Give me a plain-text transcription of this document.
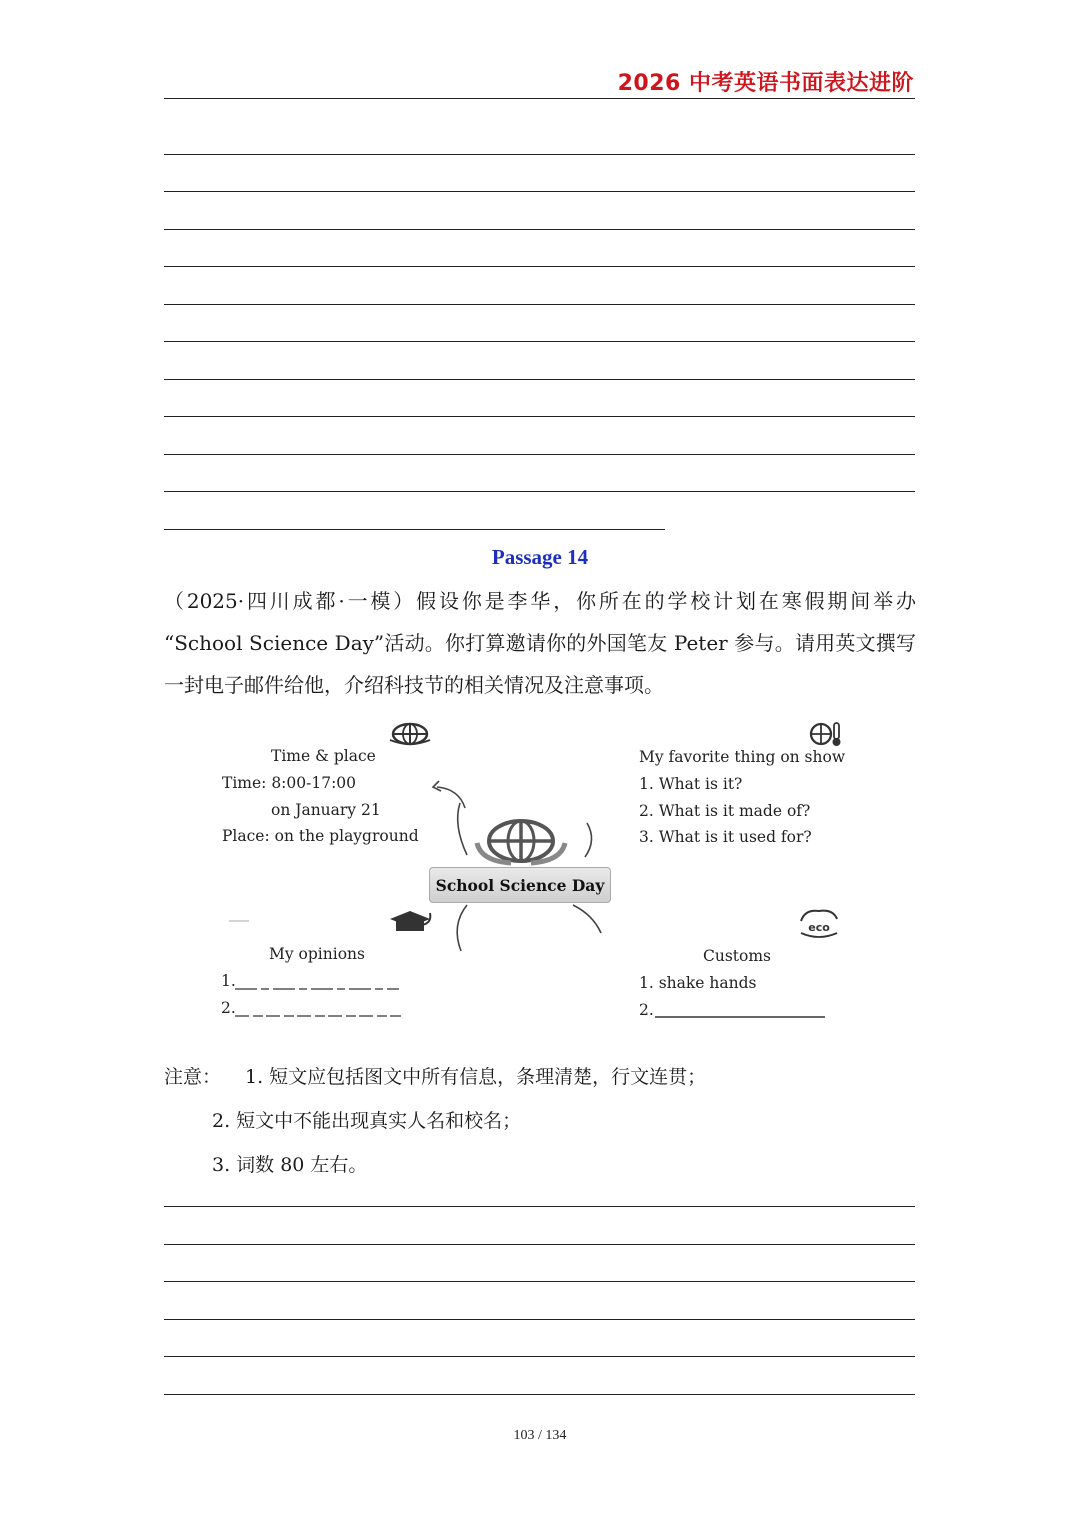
2026 中考英语书面表达进阶
Passage 14

（2025·四川成都·一模）假设你是李华，你所在的学校计划在寒假期间举办

“School Science Day”活动。你打算邀请你的外国笔友 Peter 参与。请用英文撰写

一封电子邮件给他，介绍科技节的相关情况及注意事项。

eco
Time & place
Time: 8:00-17:00
on January 21
Place: on the playground
My favorite thing on show
1. What is it?
2. What is it made of?
3. What is it used for?
School Science Day
My opinions
1.
2.
Customs
1. shake hands
2.
注意： 1. 短文应包括图文中所有信息，条理清楚，行文连贯；
2. 短文中不能出现真实人名和校名；
3. 词数 80 左右。
103 / 134
